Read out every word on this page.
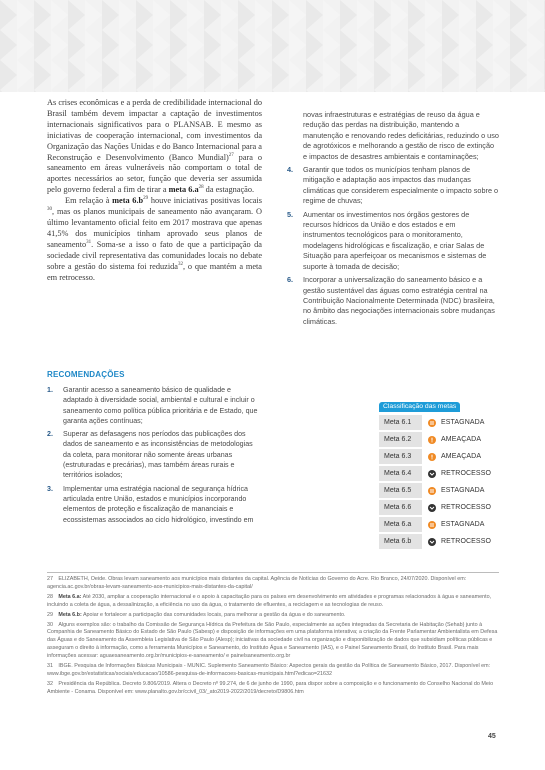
As crises econômicas e a perda de credibilidade internacional do Brasil também devem impactar a captação de investimentos internacionais significativos para o PLANSAB. E mesmo as iniciativas de cooperação internacional, com investimentos da Organização das Nações Unidas e do Banco Internacional para a Reconstrução e Desenvolvimento (Banco Mundial)$^{27}$ para o saneamento em áreas vulneráveis não comportam o total de aportes necessários ao setor, função que deveria ser assumida pelo governo federal a fim de tirar a meta $6.a^{28}$ da estagnação.

Em relação à meta $6.b^{29}$ houve iniciativas positivas locais $^{30}$, mas os planos municipais de saneamento não avançaram. O último levantamento oficial feito em 2017 mostrava que apenas 41,5% dos municípios tinham aprovado seus planos de saneamento$^{31}$. Soma-se a isso o fato de que a participação da sociedade civil representativa das comunidades locais no debate sobre a gestão do sistema foi reduzida$^{32}$, o que mantém a meta em retrocesso.

novas infraestruturas e estratégias de reuso da água e redução das perdas na distribuição, mantendo a manutenção e renovando redes deficitárias, reduzindo o uso de agrotóxicos e melhorando a gestão de risco de extinção e impactos de desastres ambientais e contaminações;
4.	Garantir que todos os municípios tenham planos de mitigação e adaptação aos impactos das mudanças climáticas que considerem especialmente o impacto sobre o regime de chuvas;
5.	Aumentar os investimentos nos órgãos gestores de recursos hídricos da União e dos estados e em instrumentos tecnológicos para o monitoramento, modelagens hidrológicas e fiscalização, e criar Salas de Situação para aperfeiçoar os mecanismos e sistemas de suporte à tomada de decisão;
6.	Incorporar a universalização do saneamento básico e a gestão sustentável das águas como estratégia central na Contribuição Nacionalmente Determinada (NDC) brasileira, no âmbito das negociações internacionais sobre mudanças climáticas.
RECOMENDAÇÕES
1.	Garantir acesso a saneamento básico de qualidade e adaptado à diversidade social, ambiental e cultural e incluir o saneamento como política pública prioritária e de Estado, que garanta ações contínuas;
2.	Superar as defasagens nos períodos das publicações dos dados de saneamento e as inconsistências de metodologias da coleta, para monitorar não somente áreas urbanas (estruturadas e precárias), mas também áreas rurais e territórios isolados;
3.	Implementar uma estratégia nacional de segurança hídrica articulada entre União, estados e municípios incorporando elementos de proteção e fiscalização de mananciais e ecossistemas associados ao ciclo hidrológico, investindo em
Classificação das metas
Meta 6.1	ESTAGNADA
Meta 6.2	AMEAÇADA
Meta 6.3	AMEAÇADA
Meta 6.4	RETROCESSO
Meta 6.5	ESTAGNADA
Meta 6.6	RETROCESSO
Meta 6.a	ESTAGNADA
Meta 6.b	RETROCESSO
27  ELIZABETH, Oeide. Obras levam saneamento aos municípios mais distantes da capital. Agência de Notícias do Governo do Acre. Rio Branco, 24/07/2020. Disponível em: agencia.ac.gov.br/obras-levam-saneamento-aos-municipios-mais-distantes-da-capital/
28  Meta 6.a: Até 2030, ampliar a cooperação internacional e o apoio à capacitação para os países em desenvolvimento em atividades e programas relacionados à água e saneamento, incluindo a coleta de água, a dessalinização, a eficiência no uso da água, o tratamento de efluentes, a reciclagem e as tecnologias de reuso.
29  Meta 6.b: Apoiar e fortalecer a participação das comunidades locais, para melhorar a gestão da água e do saneamento.
30  Alguns exemplos são: o trabalho da Comissão de Segurança Hídrica da Prefeitura de São Paulo, especialmente as ações integradas da Secretaria de Habitação (Sehab) junto à Companhia de Saneamento Básico do Estado de São Paulo (Sabesp) e disposição de informações em uma plataforma interativa; a criação da Frente Parlamentar Ambientalista em Defesa das Águas e do Saneamento da Assembleia Legislativa de São Paulo (Alesp); iniciativas da sociedade civil na organização e disponibilização de dados que subsidiam políticas públicas e asseguram o direito à informação, como a ferramenta Municípios e Saneamento, do Instituto Água e Saneamento (IAS), e o Painel Saneamento Brasil, do Instituto Brasil. Para mais informações acessar: aguaesaneamento.org.br/municipios-e-saneamento/ e painelsaneamento.org.br
31  IBGE. Pesquisa de Informações Básicas Municipais - MUNIC. Suplemento Saneamento Básico: Aspectos gerais da gestão da Política de Saneamento Básico, 2017. Disponível em: www.ibge.gov.br/estatisticas/sociais/educacao/10586-pesquisa-de-informacoes-basicas-municipais.html?edicao=21632
32  Presidência da República. Decreto 9.806/2019. Altera o Decreto nº 99.274, de 6 de junho de 1990, para dispor sobre a composição e o funcionamento do Conselho Nacional do Meio Ambiente - Conama. Disponível em: www.planalto.gov.br/ccivil_03/_ato2019-2022/2019/decreto/D9806.htm
45
